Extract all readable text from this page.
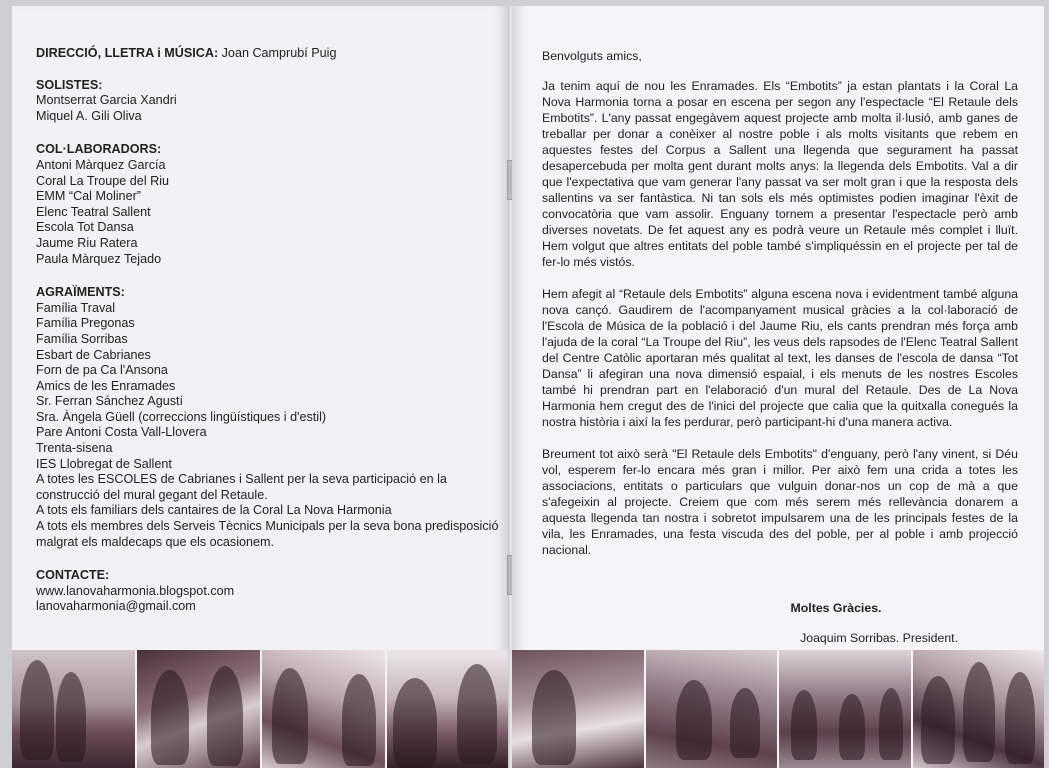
DIRECCIÓ, LLETRA i MÚSICA: Joan Camprubí Puig
SOLISTES:
Montserrat Garcia Xandri
Miquel A. Gili Oliva
COL·LABORADORS:
Antoni Màrquez García
Coral La Troupe del Riu
EMM “Cal Moliner”
Elenc Teatral Sallent
Escola Tot Dansa
Jaume Riu Ratera
Paula Màrquez Tejado
AGRAÏMENTS:
Família Traval
Família Pregonas
Família Sorribas
Esbart de Cabrianes
Forn de pa Ca l'Ansona
Amics de les Enramades
Sr. Ferran Sánchez Agustí
Sra. Àngela Güell (correccions lingüístiques i d'estil)
Pare Antoni Costa Vall-Llovera
Trenta-sisena
IES Llobregat de Sallent
A totes les ESCOLES de Cabrianes i Sallent per la seva participació en la construcció del mural gegant del Retaule.
A tots els familiars dels cantaires de la Coral La Nova Harmonia
A tots els membres dels Serveis Tècnics Municipals per la seva bona predisposició malgrat els maldecaps que els ocasionem.
CONTACTE:
www.lanovaharmonia.blogspot.com
lanovaharmonia@gmail.com

Benvolguts amics,

Ja tenim aquí de nou les Enramades. Els “Embotits” ja estan plantats i la Coral La Nova Harmonia torna a posar en escena per segon any l'espectacle “El Retaule dels Embotits”. L'any passat engegàvem aquest projecte amb molta il·lusió, amb ganes de treballar per donar a conèixer al nostre poble i als molts visitants que rebem en aquestes festes del Corpus a Sallent una llegenda que segurament ha passat desapercebuda per molta gent durant molts anys: la llegenda dels Embotits. Val a dir que l'expectativa que vam generar l'any passat va ser molt gran i que la resposta dels sallentins va ser fantàstica. Ni tan sols els més optimistes podien imaginar l'èxit de convocatòria que vam assolir. Enguany tornem a presentar l'espectacle però amb diverses novetats. De fet aquest any es podrà veure un Retaule més complet i lluït. Hem volgut que altres entitats del poble també s'impliquéssin en el projecte per tal de fer-lo més vistós.

Hem afegit al “Retaule dels Embotits” alguna escena nova i evidentment també alguna nova cançó. Gaudirem de l'acompanyament musical gràcies a la col·laboració de l'Escola de Música de la població i del Jaume Riu, els cants prendran més força amb l'ajuda de la coral “La Troupe del Riu”, les veus dels rapsodes de l'Elenc Teatral Sallent del Centre Catòlic aportaran més qualitat al text, les danses de l'escola de dansa “Tot Dansa” li afegiran una nova dimensió espaial, i els menuts de les nostres Escoles també hi prendran part en l'elaboració d'un mural del Retaule. Des de La Nova Harmonia hem cregut des de l'inici del projecte que calia que la quitxalla conegués la nostra història i així la fes perdurar, però participant-hi d'una manera activa.

Breument tot això serà "El Retaule dels Embotits" d'enguany, però l'any vinent, si Déu vol, esperem fer-lo encara més gran i millor. Per això fem una crida a totes les associacions, entitats o particulars que vulguin donar-nos un cop de mà a que s'afegeixin al projecte. Creiem que com més serem més rellevància donarem a aquesta llegenda tan nostra i sobretot impulsarem una de les principals festes de la vila, les Enramades, una festa viscuda des del poble, per al poble i amb projecció nacional.

Moltes Gràcies.
Joaquim Sorribas. President.
